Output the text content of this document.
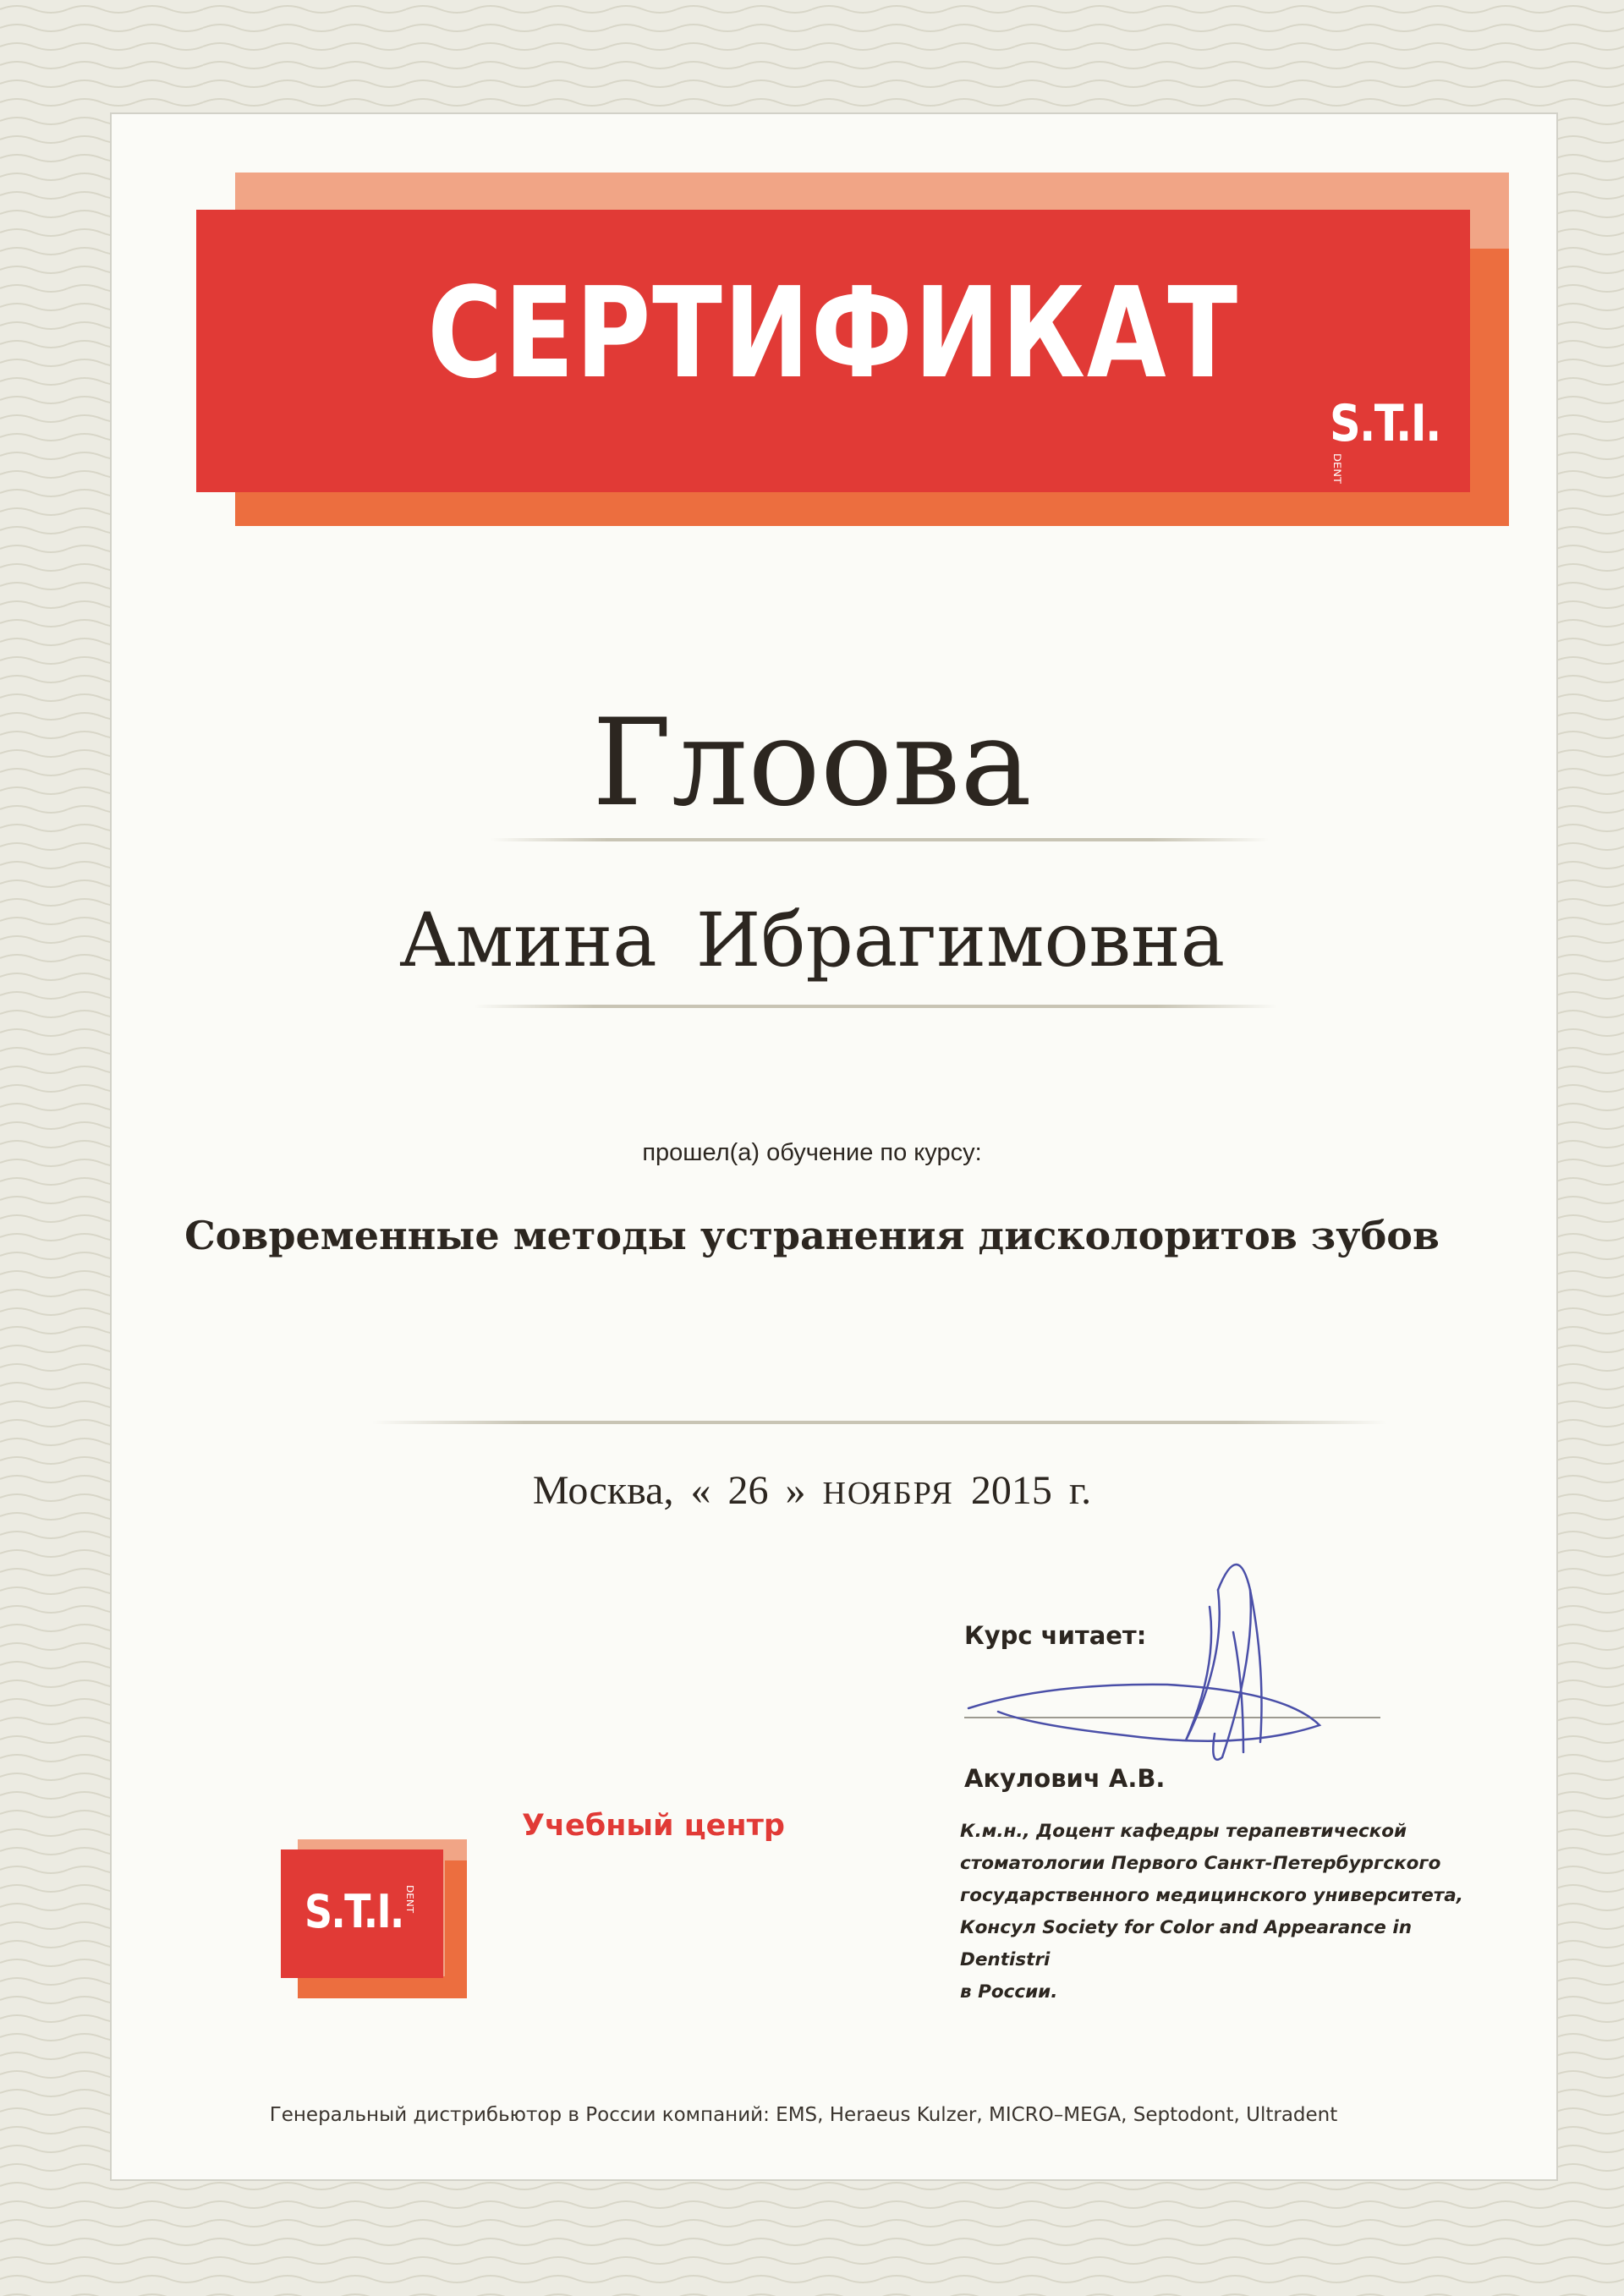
СЕРТИФИКАТ
S.T.I.DENT
Глоова
Амина Ибрагимовна
прошел(а) обучение по курсу:
Современные методы устранения дисколоритов зубов
Москва, « 26 » НОЯБРЯ 2015 г.
Курс читает:
Акулович А.В.
К.м.н., Доцент кафедры терапевтической
стоматологии Первого Санкт-Петербургского
государственного медицинского университета,
Консул Society for Color and Appearance in Dentistri
в России.
Учебный центр
S.T.I. DENT
Генеральный дистрибьютор в России компаний: EMS, Heraeus Kulzer, MICRO–MEGA, Septodont, Ultradent
